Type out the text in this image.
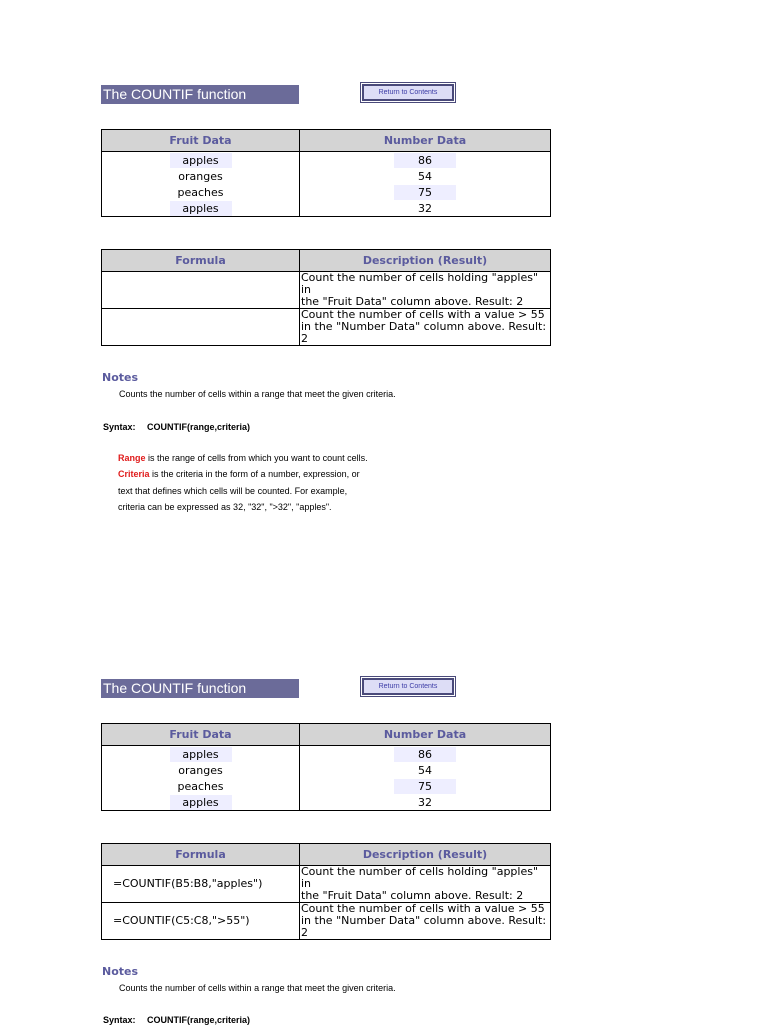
The COUNTIF function	Return to Contents
Fruit Data	Number Data
apples	86
oranges	54
peaches	75
apples	32
Formula	Description (Result)
	Count the number of cells holding "apples" in
the "Fruit Data" column above. Result: 2
	Count the number of cells with a value > 55
in the "Number Data" column above. Result: 2
Notes
Counts the number of cells within a range that meet the given criteria.
Syntax: COUNTIF(range,criteria)
Range is the range of cells from which you want to count cells.
Criteria is the criteria in the form of a number, expression, or
text that defines which cells will be counted. For example,
criteria can be expressed as 32, "32", ">32", "apples".
The COUNTIF function	Return to Contents
Fruit Data	Number Data
apples	86
oranges	54
peaches	75
apples	32
Formula	Description (Result)
=COUNTIF(B5:B8,"apples")	Count the number of cells holding "apples" in
the "Fruit Data" column above. Result: 2
=COUNTIF(C5:C8,">55")	Count the number of cells with a value > 55
in the "Number Data" column above. Result: 2
Notes
Counts the number of cells within a range that meet the given criteria.
Syntax: COUNTIF(range,criteria)
